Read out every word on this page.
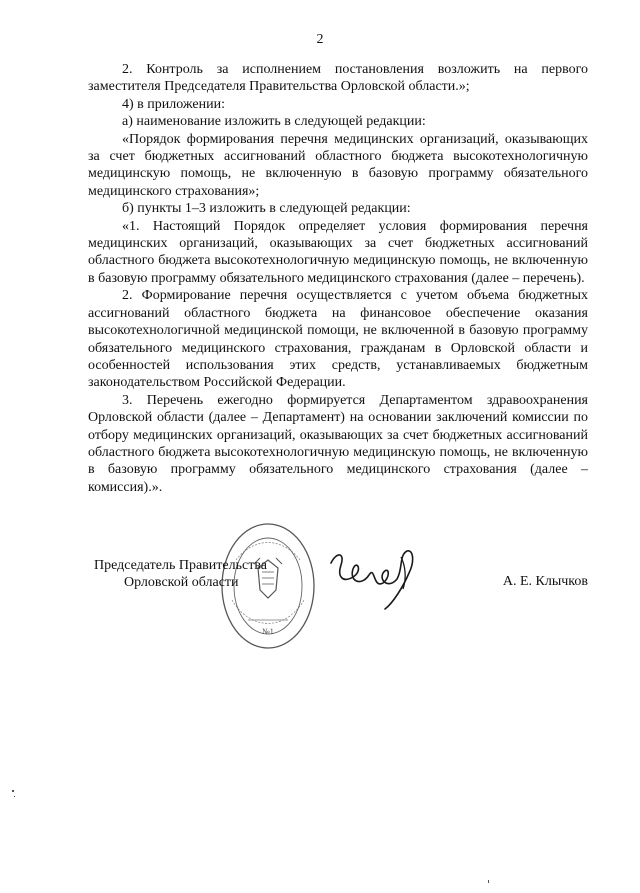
2

2. Контроль за исполнением постановления возложить на первого заместителя Председателя Правительства Орловской области.»;

4) в приложении:

а) наименование изложить в следующей редакции:

«Порядок формирования перечня медицинских организаций, оказывающих за счет бюджетных ассигнований областного бюджета высокотехнологичную медицинскую помощь, не включенную в базовую программу обязательного медицинского страхования»;

б) пункты 1–3 изложить в следующей редакции:

«1. Настоящий Порядок определяет условия формирования перечня медицинских организаций, оказывающих за счет бюджетных ассигнований областного бюджета высокотехнологичную медицинскую помощь, не включенную в базовую программу обязательного медицинского страхования (далее – перечень).

2. Формирование перечня осуществляется с учетом объема бюджетных ассигнований областного бюджета на финансовое обеспечение оказания высокотехнологичной медицинской помощи, не включенной в базовую программу обязательного медицинского страхования, гражданам в Орловской области и особенностей использования этих средств, устанавливаемых бюджетным законодательством Российской Федерации.

3. Перечень ежегодно формируется Департаментом здравоохранения Орловской области (далее – Департамент) на основании заключений комиссии по отбору медицинских организаций, оказывающих за счет бюджетных ассигнований областного бюджета высокотехнологичную медицинскую помощь, не включенную в базовую программу обязательного медицинского страхования (далее – комиссия).».

№1
Председатель Правительства
Орловской области	А. Е. Клычков
